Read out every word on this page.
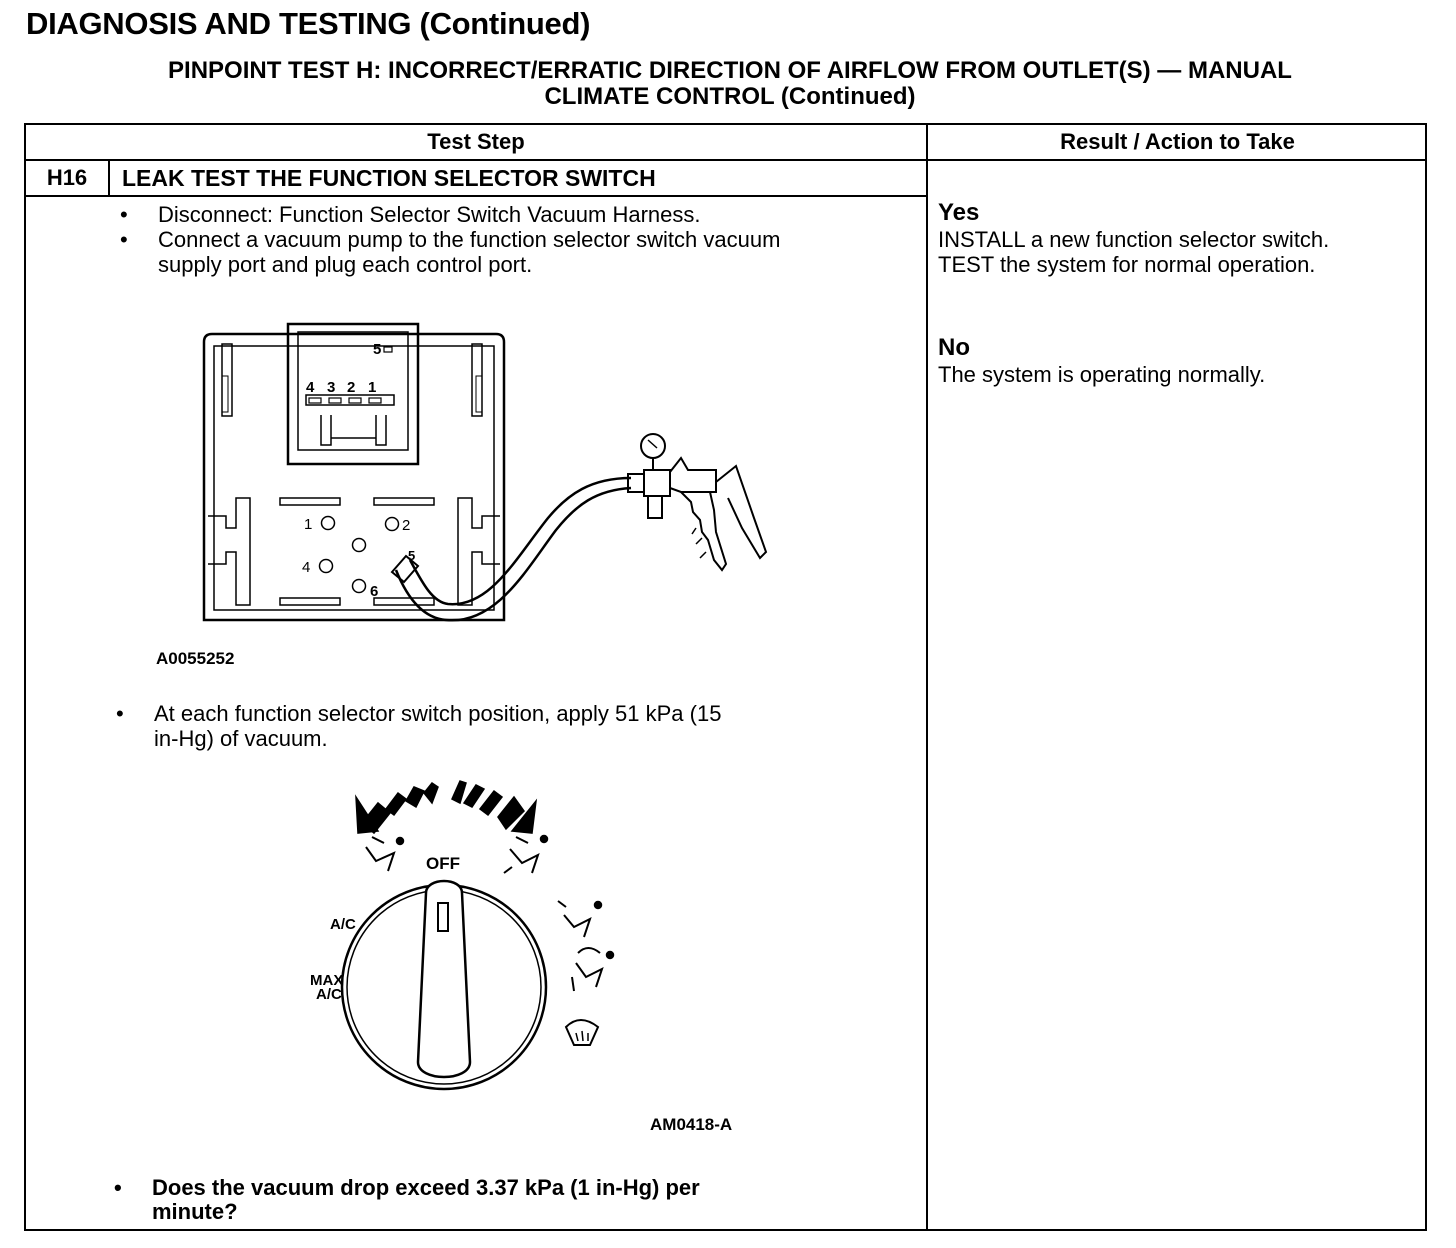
DIAGNOSIS AND TESTING (Continued)
PINPOINT TEST H: INCORRECT/ERRATIC DIRECTION OF AIRFLOW FROM OUTLET(S) — MANUAL
CLIMATE CONTROL (Continued)
Test Step	Result / Action to Take
H16	LEAK TEST THE FUNCTION SELECTOR SWITCH
• Disconnect: Function Selector Switch Vacuum Harness.
• Connect a vacuum pump to the function selector switch vacuum
supply port and plug each control port.
• At each function selector switch position, apply 51 kPa (15
in-Hg) of vacuum.
• Does the vacuum drop exceed 3.37 kPa (1 in-Hg) per
minute?
Yes
INSTALL a new function selector switch.
TEST the system for normal operation.
No
The system is operating normally.
4 3 2 1
5
1	2
4
5
6
A0055252
OFF
A/C
MAX
A/C
AM0418-A
